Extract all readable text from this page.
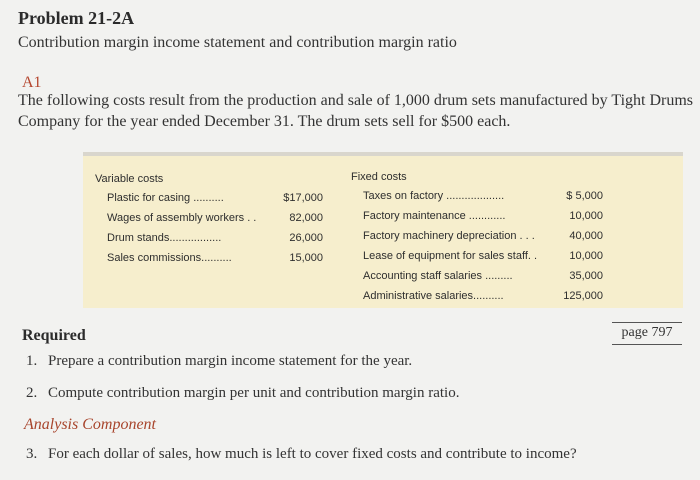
Problem 21-2A
Contribution margin income statement and contribution margin ratio
A1
The following costs result from the production and sale of 1,000 drum sets manufactured by Tight Drums Company for the year ended December 31. The drum sets sell for $500 each.
Variable costs
Plastic for casing ..........
Wages of assembly workers . .
Drum stands.................
Sales commissions..........
$17,000
82,000
26,000
15,000
Fixed costs
Taxes on factory ...................
Factory maintenance ............
Factory machinery depreciation . . .
Lease of equipment for sales staff. .
Accounting staff salaries .........
Administrative salaries..........
$ 5,000
10,000
40,000
10,000
35,000
125,000
Required	page 797
1. Prepare a contribution margin income statement for the year.
2. Compute contribution margin per unit and contribution margin ratio.
Analysis Component
3. For each dollar of sales, how much is left to cover fixed costs and contribute to income?
